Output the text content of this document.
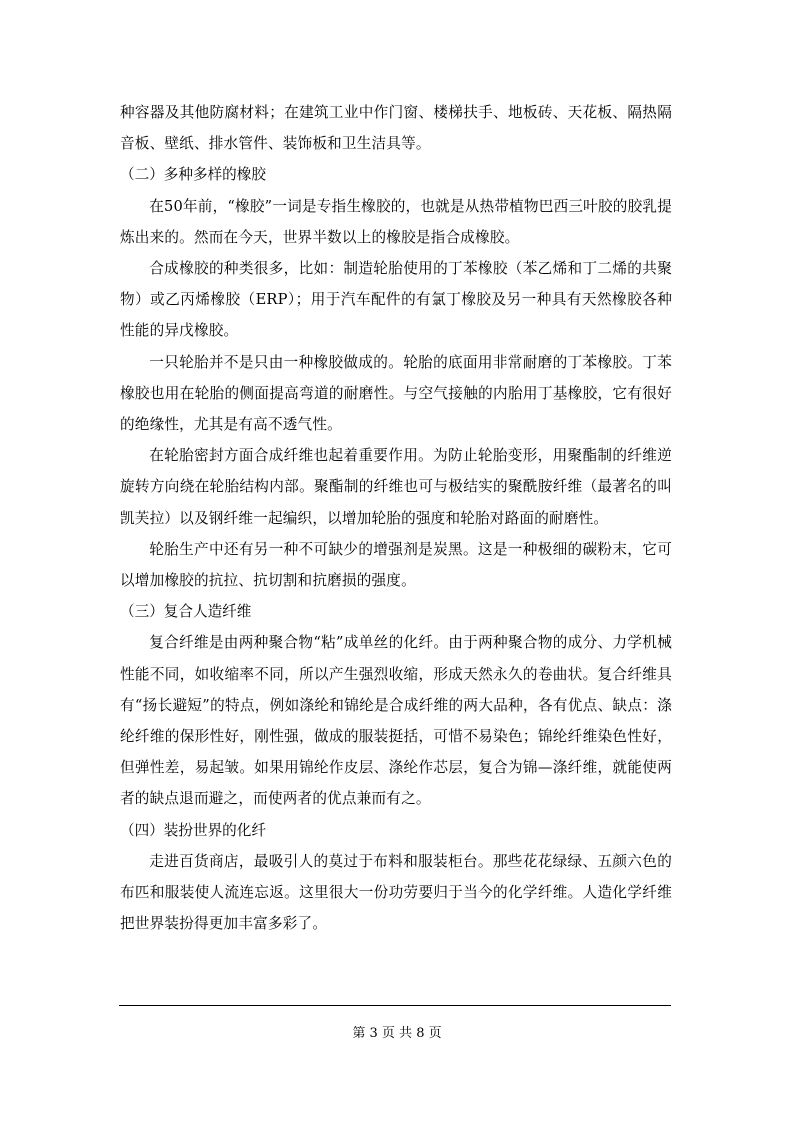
种容器及其他防腐材料；在建筑工业中作门窗、楼梯扶手、地板砖、天花板、隔热隔音板、壁纸、排水管件、装饰板和卫生洁具等。

（二）多种多样的橡胶

在50年前，“橡胶”一词是专指生橡胶的，也就是从热带植物巴西三叶胶的胶乳提炼出来的。然而在今天，世界半数以上的橡胶是指合成橡胶。

合成橡胶的种类很多，比如：制造轮胎使用的丁苯橡胶（苯乙烯和丁二烯的共聚物）或乙丙烯橡胶（ERP）；用于汽车配件的有氯丁橡胶及另一种具有天然橡胶各种性能的异戊橡胶。

一只轮胎并不是只由一种橡胶做成的。轮胎的底面用非常耐磨的丁苯橡胶。丁苯橡胶也用在轮胎的侧面提高弯道的耐磨性。与空气接触的内胎用丁基橡胶，它有很好的绝缘性，尤其是有高不透气性。

在轮胎密封方面合成纤维也起着重要作用。为防止轮胎变形，用聚酯制的纤维逆旋转方向绕在轮胎结构内部。聚酯制的纤维也可与极结实的聚酰胺纤维（最著名的叫凯芙拉）以及钢纤维一起编织，以增加轮胎的强度和轮胎对路面的耐磨性。

轮胎生产中还有另一种不可缺少的增强剂是炭黑。这是一种极细的碳粉末，它可以增加橡胶的抗拉、抗切割和抗磨损的强度。

（三）复合人造纤维

复合纤维是由两种聚合物“粘”成单丝的化纤。由于两种聚合物的成分、力学机械性能不同，如收缩率不同，所以产生强烈收缩，形成天然永久的卷曲状。复合纤维具有“扬长避短”的特点，例如涤纶和锦纶是合成纤维的两大品种，各有优点、缺点：涤纶纤维的保形性好，刚性强，做成的服装挺括，可惜不易染色；锦纶纤维染色性好，但弹性差，易起皱。如果用锦纶作皮层、涤纶作芯层，复合为锦—涤纤维，就能使两者的缺点退而避之，而使两者的优点兼而有之。

（四）装扮世界的化纤

走进百货商店，最吸引人的莫过于布料和服装柜台。那些花花绿绿、五颜六色的布匹和服装使人流连忘返。这里很大一份功劳要归于当今的化学纤维。人造化学纤维把世界装扮得更加丰富多彩了。

第 3 页 共 8 页
